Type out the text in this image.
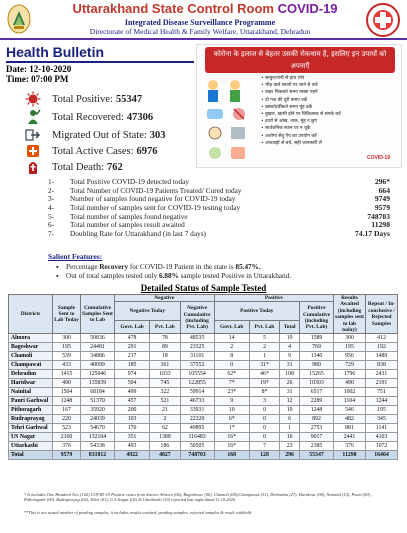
Uttarakhand State Control Room COVID-19
Integrated Disease Surveillance Programme
Directorate of Medical Health & Family Welfare, Uttarakhand, Dehradun
Health Bulletin
Date: 12-10-2020
Time: 07:00 PM
Total Positive: 55347
Total Recovered: 47306
Migrated Out of State: 303
Total Active Cases: 6976
Total Death: 762
कोरोना के इलाज से बेहतर उसकी रोकथाम है, इसलिए इन उपायों को अपनाएँ
• साबुन/पानी से हाथ धोएं
• भीड़ वाले स्थानों पर जाने से बचें
• बाहर निकलते समय मास्क पहनें
• दो गज की दूरी बनाए रखें
• खांसते/छींकते समय मुंह ढकें
• बुखार, खांसी होने पर चिकित्सक से संपर्क करें
• हाथों से आंख, नाक, मुंह न छुएं
• सार्वजनिक स्थान पर न थूकें
• आरोग्य सेतु ऐप का उपयोग करें
• अफवाहों से बचें, सही जानकारी लें
COVID-19
1-	Total Positive COVID-19 detected today	296*
2-	Total Number of COVID-19 Patients Treated/ Cured today	664
3-	Number of samples found negative for COVID-19 today	9749
4-	Total number of samples sent for COVID-19 testing today	9579
5-	Total number of samples found negative	748703
6-	Total number of samples result awaited	11298
7-	Doubling Rate for Uttarakhand (in last 7 days)	74.17 Days
Salient Features:
▪ Percentage Recovery for COVID-19 Patient in the state is 85.47%.
▪ Out of total samples tested only 6.88% sample tested Positive in Uttarakhand.
Detailed Status of Sample Tested
Districts	Sample Sent to Lab Today	Cumulative Samples Sent to Lab	Negative			Positive				Results Awaited (including samples sent to lab today)	Repeat / In-conclusive / Rejected Samples
			Negative Today		Negative Cumulative (including Pvt. Lab)	Positive Today			Positive Cumulative (including Pvt. Lab)		
			Govt. Lab	Pvt. Lab		Govt. Lab	Pvt. Lab	Total			
Almora	300	50836	478	78	48535	14	5	19	1589	300	412
Bageshwar	195	24481	291	89	23325	2	2	4	769	195	192
Chamoli	539	34886	217	18	31101	8	1	9	1340	956	1489
Champawat	433	40099	185	361	37552	0	31*	31	980	729	838
Dehradun	1415	125046	974	1033	105554	62*	46*	108	15265	1796	2431
Haridwar	490	135839	504	745	122855	7*	19*	26	10303	490	2191
Nainital	1504	68184	499	322	59914	23*	8*	31	6517	1002	751
Pauri Garhwal	1248	51370	457	521	46733	9	3	12	2289	1104	1244
Pithoragarh	167	35920	200	21	33931	10	0	10	1248	546	195
Rudraprayag	220	24039	103	2	22320	6*	0	6	892	482	345
Tehri Garhwal	523	54670	170	62	49895	1*	0	1	2753	881	1141
US Nagar	2160	132104	351	1389	116483	16*	0	16	9017	2441	4163
Uttarkashi	376	54338	493	186	50505	16*	7	23	2385	376	1072
Total	9579	831812	4922	4827	748703	168	128	296	55347	11298	16464
* It includes One Hundred Two (102) COVID-19 Positive cases from district Almora (06), Bageshwar (00), Chamoli (00),Champawat (31), Dehradun (27), Haridwar (00), Nainital (15), Pauri (00) , Pithoragarh (00), Rudraprayag (02), Tehri (01), U.S.Nagar (02) & Uttarkashi (19) reported last night dated 11.10.2020.
**This is not actual number of pending samples, it includes results awaited, pending samples, rejected samples & result withheld.
